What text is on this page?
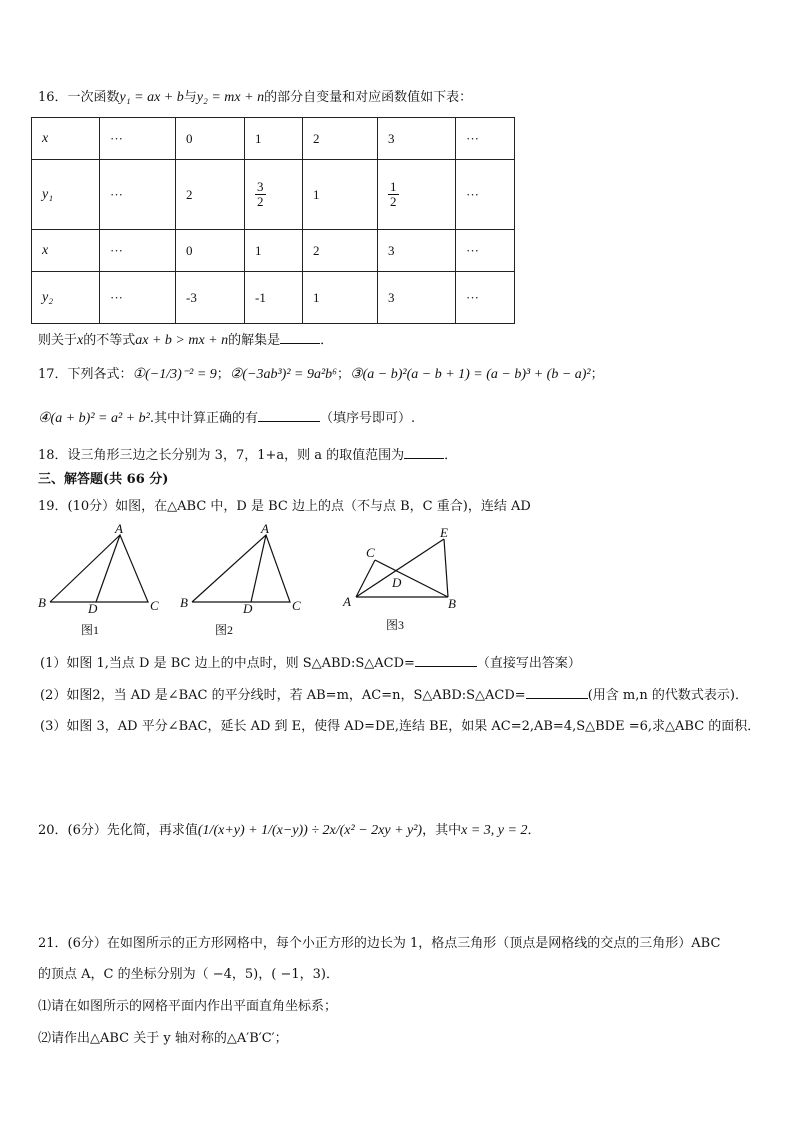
16．一次函数y₁ = ax + b与y₂ = mx + n的部分自变量和对应函数值如下表：
x	···	0	1	2	3	···
y₁	···	2	$\frac{3}{2}$	1	$\frac{1}{2}$	···
x	···	0	1	2	3	···
y₂	···	-3	-1	1	3	···
则关于x的不等式ax + b > mx + n的解集是	．
17．下列各式：①(−1/3)⁻² = 9；②(−3ab³)² = 9a²b⁶；③(a − b)²(a − b + 1) = (a − b)³ + (b − a)²；
④(a + b)² = a² + b².其中计算正确的有	（填序号即可）.
18．设三角形三边之长分别为 3，7，1+a，则 a 的取值范围为	．
三、解答题(共 66 分)
19．(10分）如图，在△ABC 中，D 是 BC 边上的点（不与点 B，C 重合)，连结 AD
A
B	D	C
A
B	D	C
C
E
D
A	B
图1	图2	图3
(1）如图 1,当点 D 是 BC 边上的中点时，则 S△ABD:S△ACD=	（直接写出答案）
(2）如图2，当 AD 是∠BAC 的平分线时，若 AB=m，AC=n，S△ABD:S△ACD=	(用含 m,n 的代数式表示)．
(3）如图 3，AD 平分∠BAC，延长 AD 到 E，使得 AD=DE,连结 BE，如果 AC=2,AB=4,S△BDE =6,求△ABC 的面积．
20．(6分）先化简，再求值(1/(x+y) + 1/(x−y)) ÷ 2x/(x² − 2xy + y²)，其中x = 3, y = 2．
21．(6分）在如图所示的正方形网格中，每个小正方形的边长为 1，格点三角形（顶点是网格线的交点的三角形）ABC
的顶点 A，C 的坐标分别为（ −4，5)，( −1，3)．
⑴请在如图所示的网格平面内作出平面直角坐标系；
⑵请作出△ABC 关于 y 轴对称的△A′B′C′；
